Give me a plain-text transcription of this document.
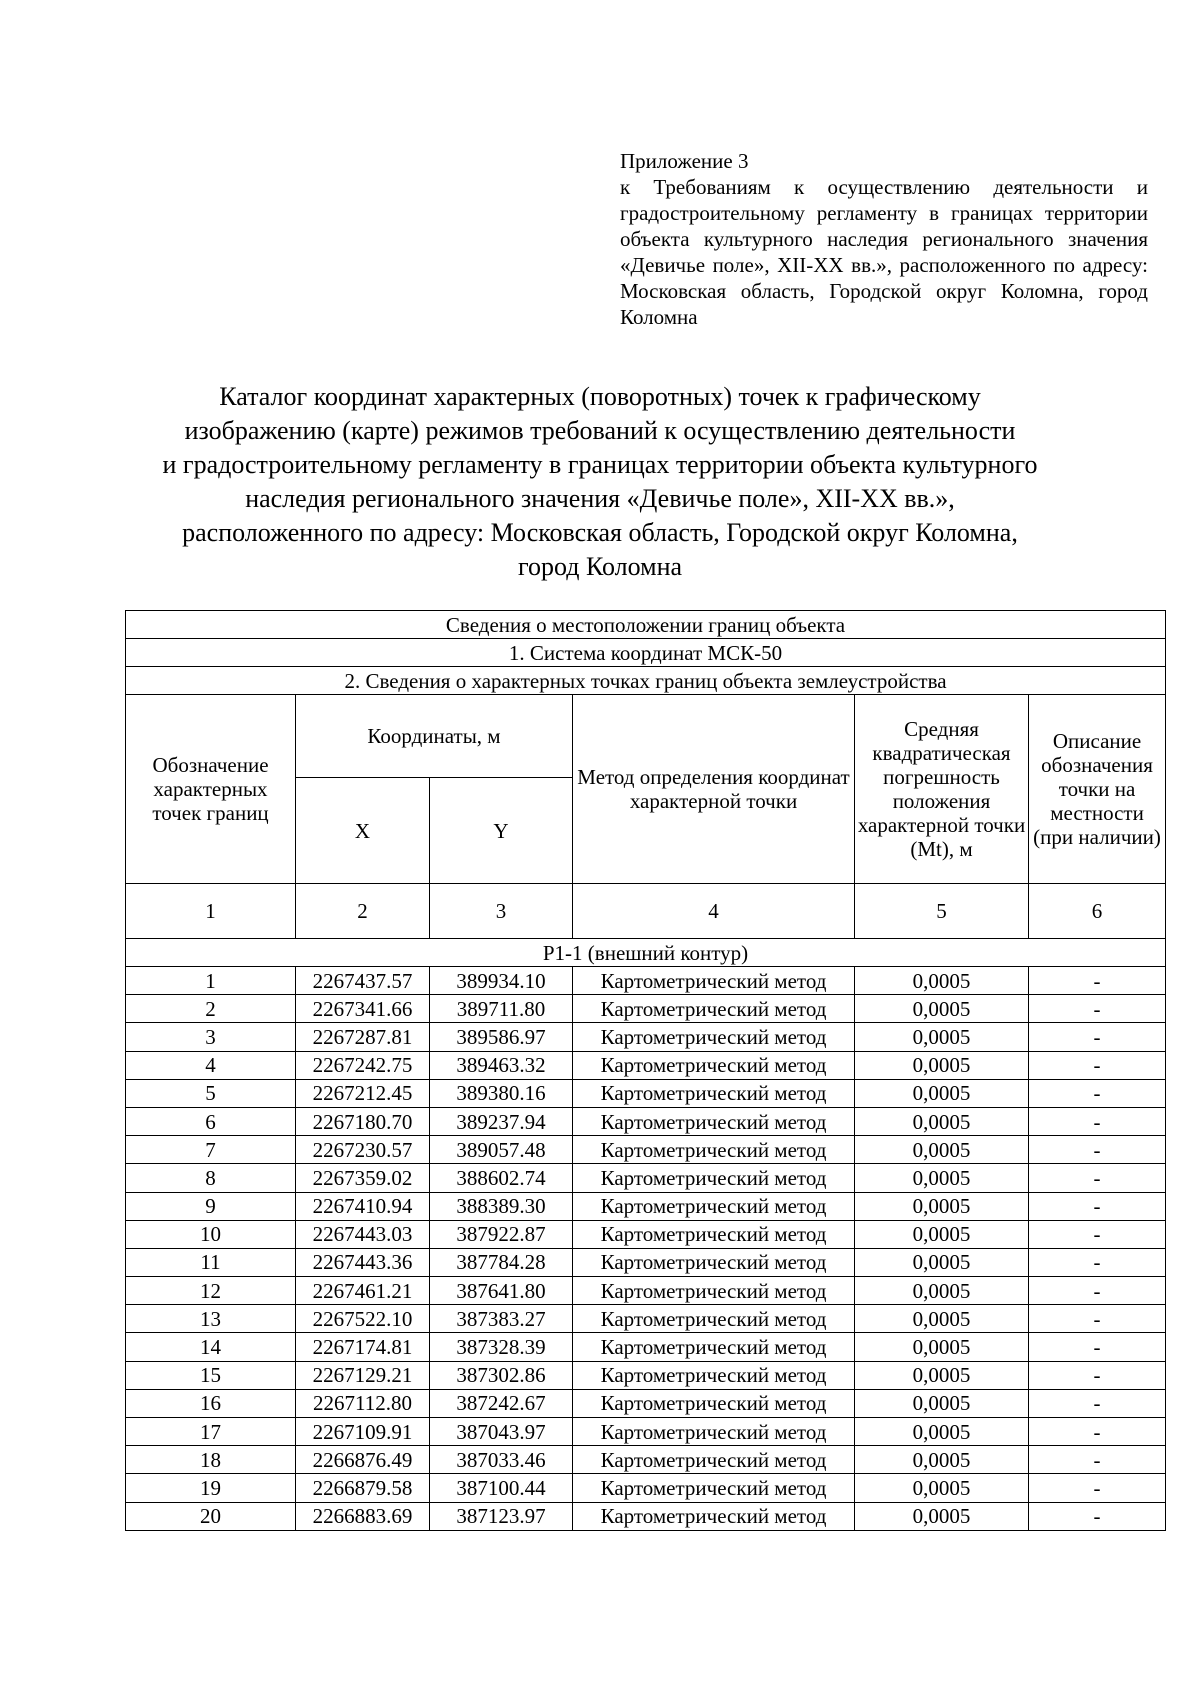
Приложение 3
к Требованиям к осуществлению деятельности и градостроительному регламенту в границах территории объекта культурного наследия регионального значения «Девичье поле», XII-XX вв.», расположенного по адресу: Московская область, Городской округ Коломна, город Коломна
Каталог координат характерных (поворотных) точек к графическому
изображению (карте) режимов требований к осуществлению деятельности
и градостроительному регламенту в границах территории объекта культурного
наследия регионального значения «Девичье поле», XII-XX вв.»,
расположенного по адресу: Московская область, Городской округ Коломна,
город Коломна
Сведения о местоположении границ объекта					
1. Система координат МСК-50					
2. Сведения о характерных точках границ объекта землеустройства					
Обозначение характерных точек границ	Координаты, м		Метод определения координат характерной точки	Средняя квадратическая погрешность положения характерной точки (Mt), м	Описание обозначения точки на местности (при наличии)
	X	Y			
1	2	3	4	5	6
Р1-1 (внешний контур)					
1	2267437.57	389934.10	Картометрический метод	0,0005	-
2	2267341.66	389711.80	Картометрический метод	0,0005	-
3	2267287.81	389586.97	Картометрический метод	0,0005	-
4	2267242.75	389463.32	Картометрический метод	0,0005	-
5	2267212.45	389380.16	Картометрический метод	0,0005	-
6	2267180.70	389237.94	Картометрический метод	0,0005	-
7	2267230.57	389057.48	Картометрический метод	0,0005	-
8	2267359.02	388602.74	Картометрический метод	0,0005	-
9	2267410.94	388389.30	Картометрический метод	0,0005	-
10	2267443.03	387922.87	Картометрический метод	0,0005	-
11	2267443.36	387784.28	Картометрический метод	0,0005	-
12	2267461.21	387641.80	Картометрический метод	0,0005	-
13	2267522.10	387383.27	Картометрический метод	0,0005	-
14	2267174.81	387328.39	Картометрический метод	0,0005	-
15	2267129.21	387302.86	Картометрический метод	0,0005	-
16	2267112.80	387242.67	Картометрический метод	0,0005	-
17	2267109.91	387043.97	Картометрический метод	0,0005	-
18	2266876.49	387033.46	Картометрический метод	0,0005	-
19	2266879.58	387100.44	Картометрический метод	0,0005	-
20	2266883.69	387123.97	Картометрический метод	0,0005	-
